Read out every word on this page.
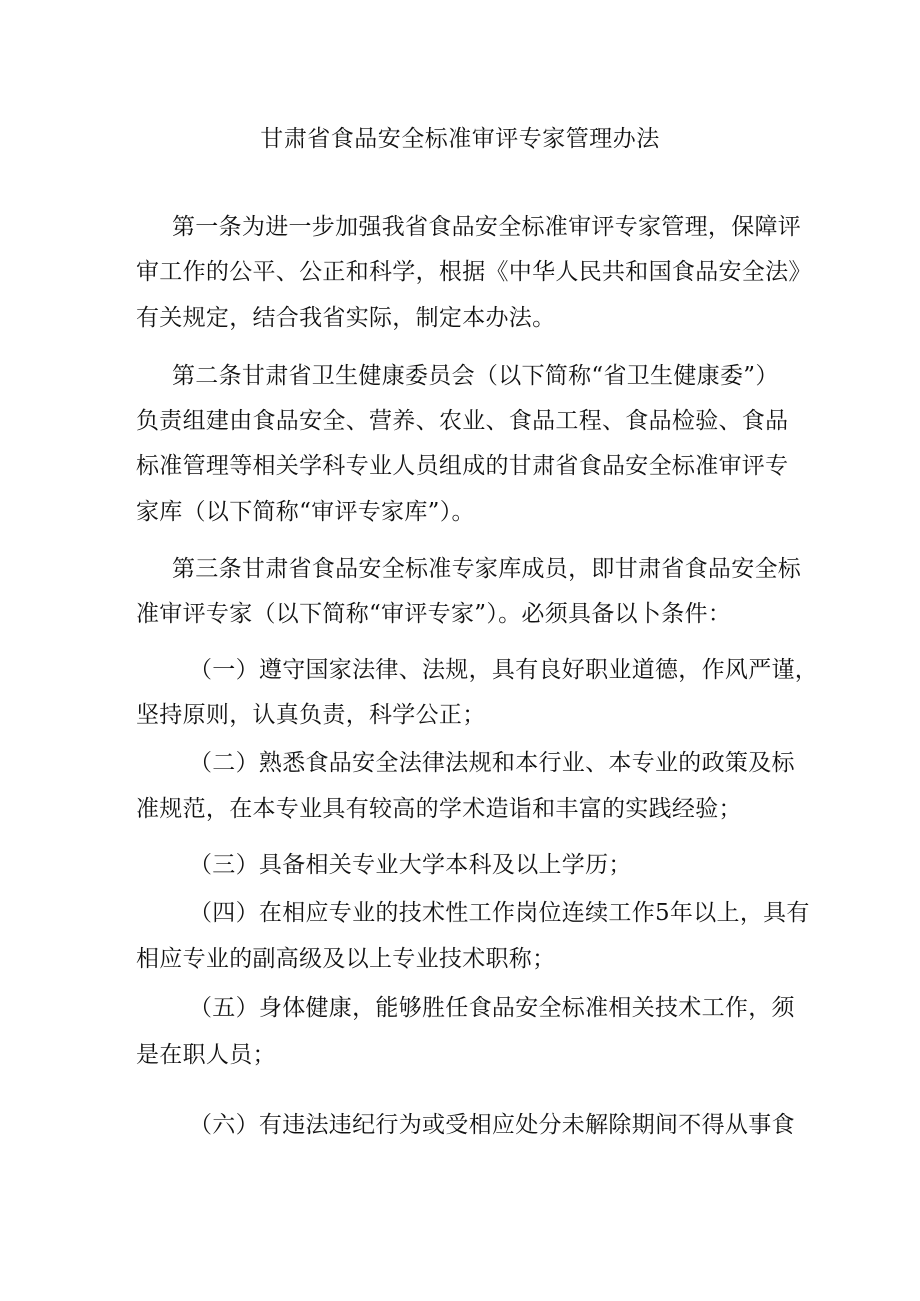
甘肃省食品安全标准审评专家管理办法
第一条为进一步加强我省食品安全标准审评专家管理，保障评
审工作的公平、公正和科学，根据《中华人民共和国食品安全法》
有关规定，结合我省实际，制定本办法。
第二条甘肃省卫生健康委员会（以下简称“省卫生健康委”）
负责组建由食品安全、营养、农业、食品工程、食品检验、食品
标准管理等相关学科专业人员组成的甘肃省食品安全标准审评专
家库（以下简称“审评专家库”）。
第三条甘肃省食品安全标准专家库成员，即甘肃省食品安全标
准审评专家（以下简称“审评专家”）。必须具备以卜条件：
（一）遵守国家法律、法规，具有良好职业道德，作风严谨，
坚持原则，认真负责，科学公正；
（二）熟悉食品安全法律法规和本行业、本专业的政策及标
准规范，在本专业具有较高的学术造诣和丰富的实践经验；
（三）具备相关专业大学本科及以上学历；
（四）在相应专业的技术性工作岗位连续工作5年以上，具有
相应专业的副高级及以上专业技术职称；
（五）身体健康，能够胜任食品安全标准相关技术工作，须
是在职人员；
（六）有违法违纪行为或受相应处分未解除期间不得从事食
